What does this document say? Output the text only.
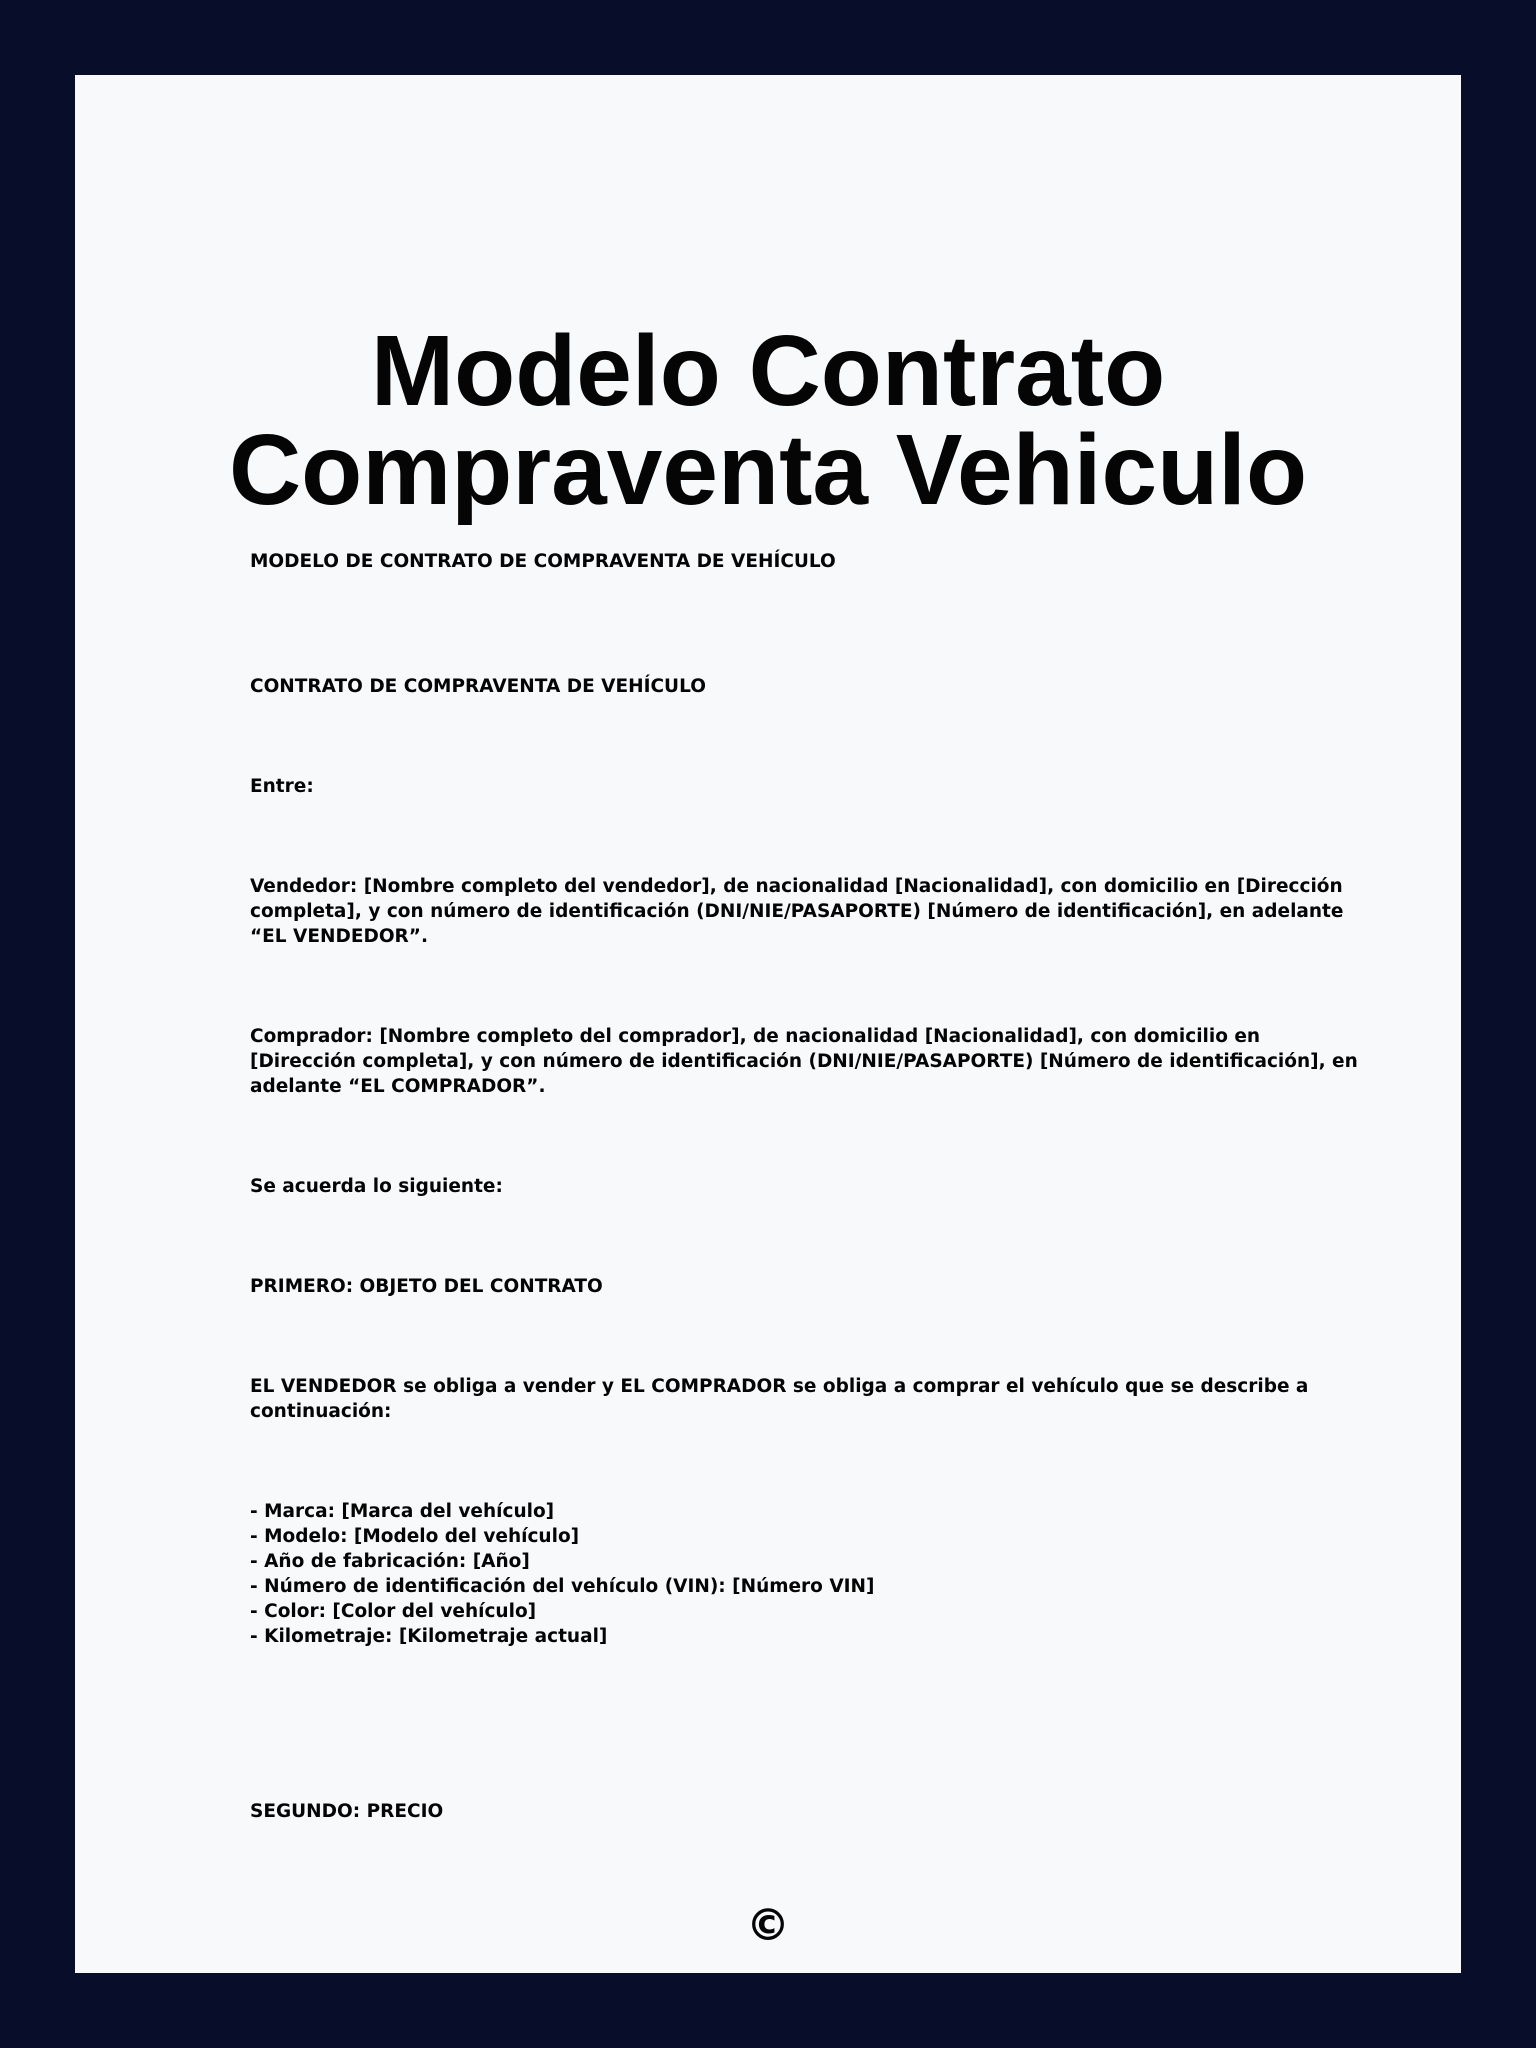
Modelo Contrato
Compraventa Vehiculo

MODELO DE CONTRATO DE COMPRAVENTA DE VEHÍCULO

CONTRATO DE COMPRAVENTA DE VEHÍCULO

Entre:

Vendedor: [Nombre completo del vendedor], de nacionalidad [Nacionalidad], con domicilio en [Dirección completa], y con número de identificación (DNI/NIE/PASAPORTE) [Número de identificación], en adelante “EL VENDEDOR”.

Comprador: [Nombre completo del comprador], de nacionalidad [Nacionalidad], con domicilio en [Dirección completa], y con número de identificación (DNI/NIE/PASAPORTE) [Número de identificación], en adelante “EL COMPRADOR”.

Se acuerda lo siguiente:

PRIMERO: OBJETO DEL CONTRATO

EL VENDEDOR se obliga a vender y EL COMPRADOR se obliga a comprar el vehículo que se describe a continuación:

- Marca: [Marca del vehículo]
- Modelo: [Modelo del vehículo]
- Año de fabricación: [Año]
- Número de identificación del vehículo (VIN): [Número VIN]
- Color: [Color del vehículo]
- Kilometraje: [Kilometraje actual]

SEGUNDO: PRECIO

©
